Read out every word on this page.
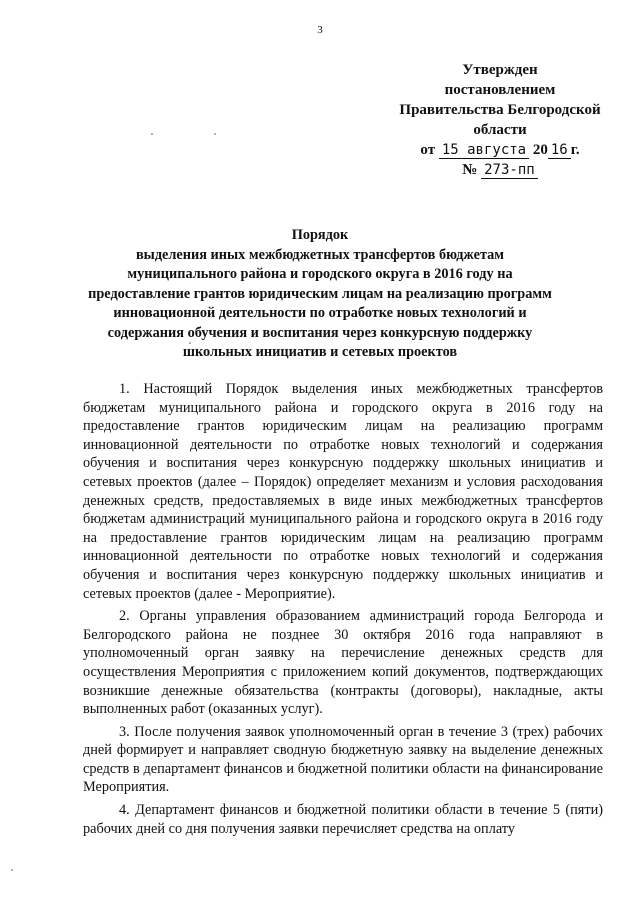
3
Утвержден
постановлением
Правительства Белгородской
области
от 15 августа 20 16 г.
№ 273-пп
Порядок
выделения иных межбюджетных трансфертов бюджетам
муниципального района и городского округа в 2016 году на
предоставление грантов юридическим лицам на реализацию программ
инновационной деятельности по отработке новых технологий и
содержания обучения и воспитания через конкурсную поддержку
школьных инициатив и сетевых проектов

1. Настоящий Порядок выделения иных межбюджетных трансфертов бюджетам муниципального района и городского округа в 2016 году на предоставление грантов юридическим лицам на реализацию программ инновационной деятельности по отработке новых технологий и содержания обучения и воспитания через конкурсную поддержку школьных инициатив и сетевых проектов (далее – Порядок) определяет механизм и условия расходования денежных средств, предоставляемых в виде иных межбюджетных трансфертов бюджетам администраций муниципального района и городского округа в 2016 году на предоставление грантов юридическим лицам на реализацию программ инновационной деятельности по отработке новых технологий и содержания обучения и воспитания через конкурсную поддержку школьных инициатив и сетевых проектов (далее - Мероприятие).

2. Органы управления образованием администраций города Белгорода и Белгородского района не позднее 30 октября 2016 года направляют в уполномоченный орган заявку на перечисление денежных средств для осуществления Мероприятия с приложением копий документов, подтверждающих возникшие денежные обязательства (контракты (договоры), накладные, акты выполненных работ (оказанных услуг).

3. После получения заявок уполномоченный орган в течение 3 (трех) рабочих дней формирует и направляет сводную бюджетную заявку на выделение денежных средств в департамент финансов и бюджетной политики области на финансирование Мероприятия.

4. Департамент финансов и бюджетной политики области в течение 5 (пяти) рабочих дней со дня получения заявки перечисляет средства на оплату
